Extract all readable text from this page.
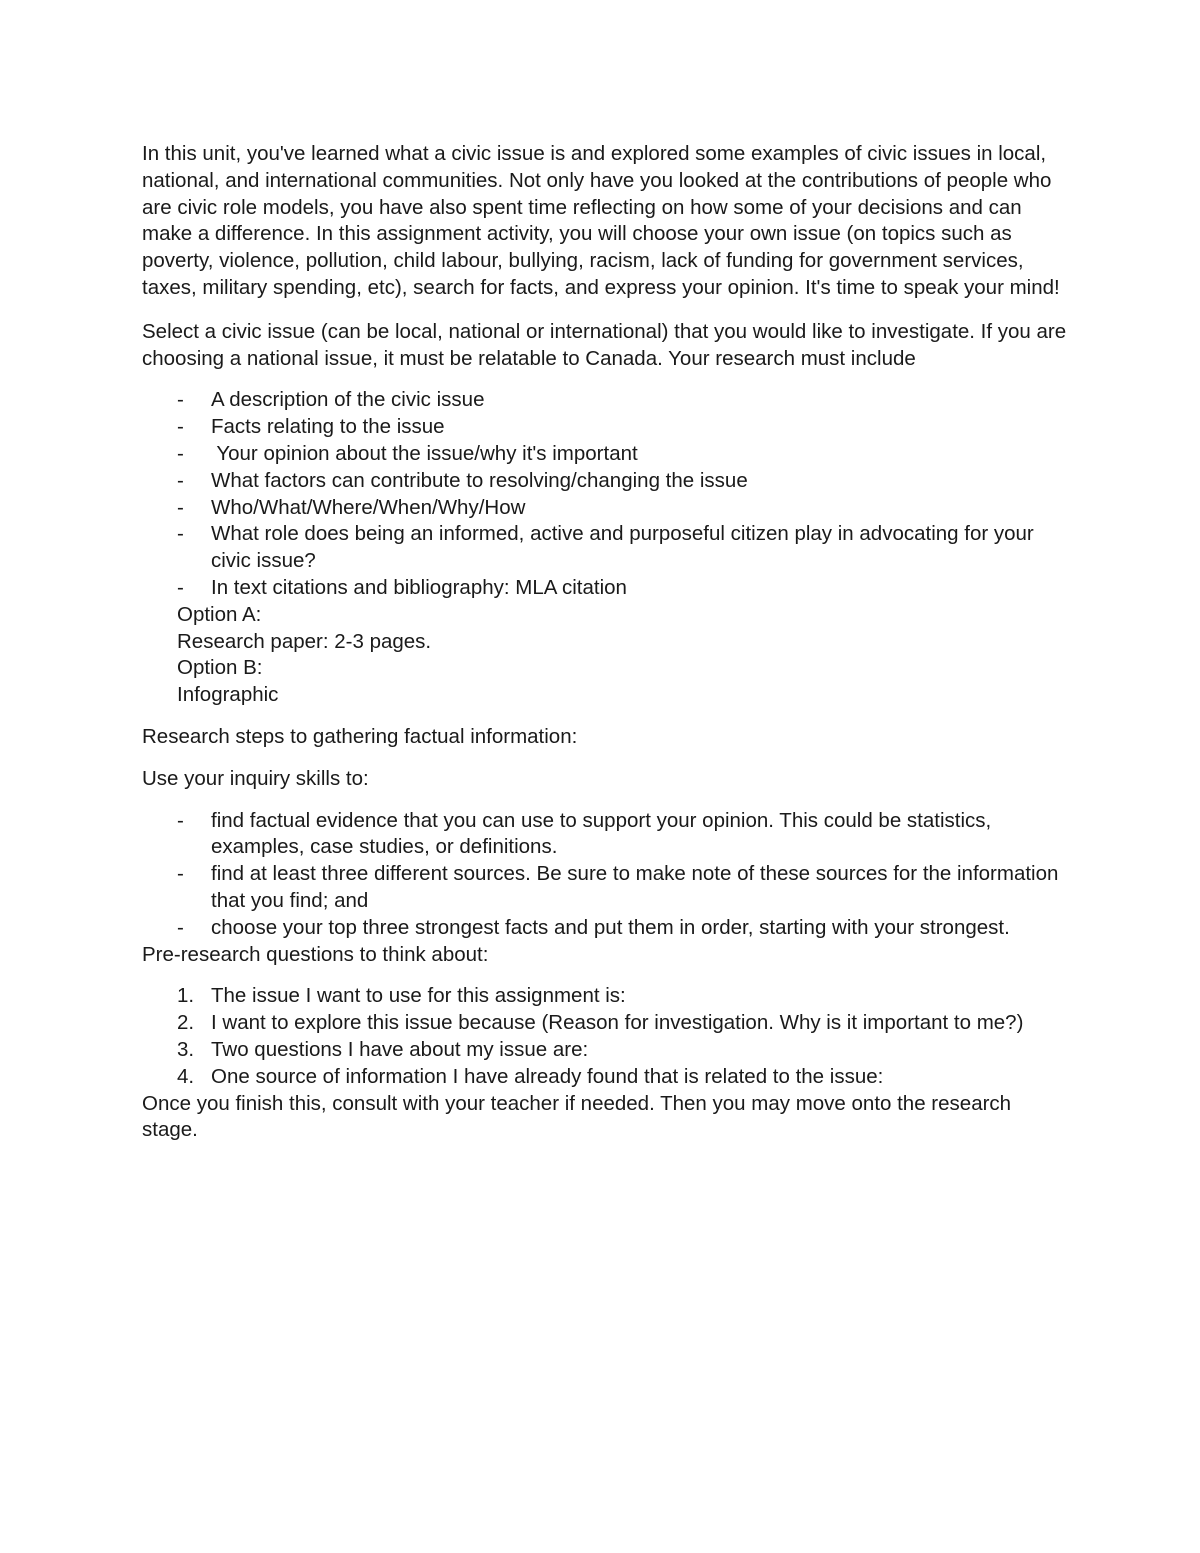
In this unit, you've learned what a civic issue is and explored some examples of civic issues in local, national, and international communities. Not only have you looked at the contributions of people who are civic role models, you have also spent time reflecting on how some of your decisions and can make a difference. In this assignment activity, you will choose your own issue (on topics such as poverty, violence, pollution, child labour, bullying, racism, lack of funding for government services, taxes, military spending, etc), search for facts, and express your opinion. It's time to speak your mind!

Select a civic issue (can be local, national or international) that you would like to investigate. If you are choosing a national issue, it must be relatable to Canada. Your research must include

- A description of the civic issue
- Facts relating to the issue
- Your opinion about the issue/why it's important
- What factors can contribute to resolving/changing the issue
- Who/What/Where/When/Why/How
- What role does being an informed, active and purposeful citizen play in advocating for your civic issue?
- In text citations and bibliography: MLA citation

Option A:

Research paper: 2-3 pages.

Option B:

Infographic

Research steps to gathering factual information:

Use your inquiry skills to:

- find factual evidence that you can use to support your opinion. This could be statistics, examples, case studies, or definitions.
- find at least three different sources. Be sure to make note of these sources for the information that you find; and
- choose your top three strongest facts and put them in order, starting with your strongest.

Pre-research questions to think about:

1. The issue I want to use for this assignment is:
2. I want to explore this issue because (Reason for investigation. Why is it important to me?)
3. Two questions I have about my issue are:
4. One source of information I have already found that is related to the issue:

Once you finish this, consult with your teacher if needed. Then you may move onto the research stage.
